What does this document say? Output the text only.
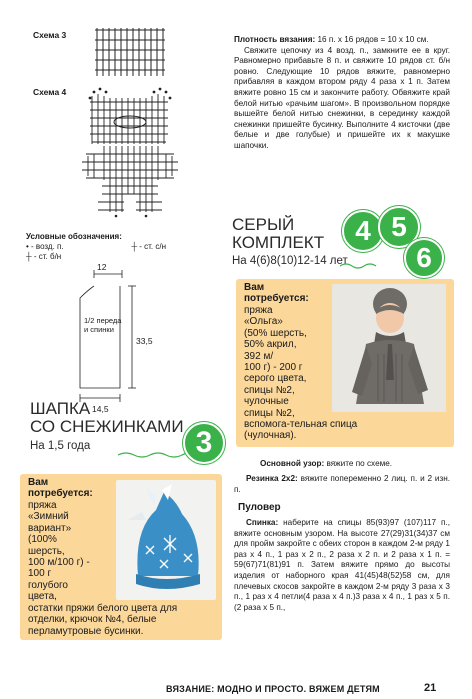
Схема 3
Схема 4
Условные обозначения:
• - возд. п.	┼ - ст. с/н
┼ - ст. б/н
12
1/2 переда и спинки
33,5
14,5
ШАПКА
СО СНЕЖИНКАМИ
На 1,5 года	3
Вам
потребуется:
пряжа
«Зимний
вариант»
(100%
шерсть,
100 м/100 г) -
100 г
голубого
цвета,
остатки пряжи белого цвета для отделки, крючок №4, белые перламутровые бусинки.
Плотность вязания: 16 п. х 16 рядов = 10 х 10 см.
Свяжите цепочку из 4 возд. п., замкните ее в круг. Равномерно прибавьте 8 п. и свяжите 10 рядов ст. б/н ровно. Следующие 10 рядов вяжите, равномерно прибавляя в каждом втором ряду 4 раза х 1 п. Затем вяжите ровно 15 см и закончите работу. Обвяжите край белой нитью «рачьим шагом». В произвольном порядке вышейте белой нитью снежинки, в серединку каждой снежинки пришейте бусинку. Выполните 4 кисточки (две белые и две голубые) и пришейте их к макушке шапочки.
СЕРЫЙ
КОМПЛЕКТ
На 4(6)8(10)12-14 лет
4 5
6
Вам
потребуется:
пряжа
«Ольга»
(50% шерсть,
50% акрил,
392 м/
100 г) - 200 г
серого цвета,
спицы №2,
чулочные
спицы №2,
вспомога-тельная спица
(чулочная).
Основной узор: вяжите по схеме.
Резинка 2х2: вяжите попеременно 2 лиц. п. и 2 изн. п.
Пуловер
Спинка: наберите на спицы 85(93)97 (107)117 п., вяжите основным узором. На высоте 27(29)31(34)37 см для пройм закройте с обеих сторон в каждом 2-м ряду 1 раз х 4 п., 1 раз х 2 п., 2 раза х 2 п. и 2 раза х 1 п. = 59(67)71(81)91 п. Затем вяжите прямо до высоты изделия от наборного края 41(45)48(52)58 см, для плечевых скосов закройте в каждом 2-м ряду 3 раза х 3 п., 1 раз х 4 петли(4 раза х 4 п.)3 раза х 4 п., 1 раз х 5 п.(2 раза х 5 п.,
ВЯЗАНИЕ: МОДНО И ПРОСТО. ВЯЖЕМ ДЕТЯМ	21
